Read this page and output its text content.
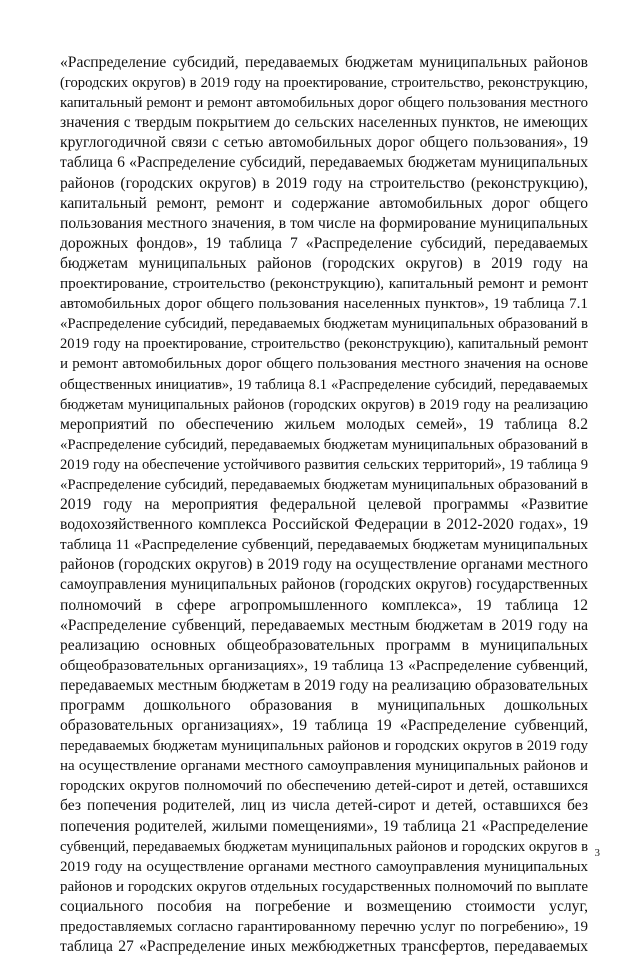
«Распределение субсидий, передаваемых бюджетам муниципальных районов
(городских округов) в 2019 году на проектирование, строительство, реконструкцию,
капитальный ремонт и ремонт автомобильных дорог общего пользования местного
значения с твердым покрытием до сельских населенных пунктов, не имеющих
круглогодичной связи с сетью автомобильных дорог общего пользования», 19
таблица 6 «Распределение субсидий, передаваемых бюджетам муниципальных
районов (городских округов) в 2019 году на строительство (реконструкцию),
капитальный ремонт, ремонт и содержание автомобильных дорог общего
пользования местного значения, в том числе на формирование муниципальных
дорожных фондов», 19 таблица 7 «Распределение субсидий, передаваемых
бюджетам муниципальных районов (городских округов) в 2019 году на
проектирование, строительство (реконструкцию), капитальный ремонт и ремонт
автомобильных дорог общего пользования населенных пунктов», 19 таблица 7.1
«Распределение субсидий, передаваемых бюджетам муниципальных образований в
2019 году на проектирование, строительство (реконструкцию), капитальный ремонт
и ремонт автомобильных дорог общего пользования местного значения на основе
общественных инициатив», 19 таблица 8.1 «Распределение субсидий, передаваемых
бюджетам муниципальных районов (городских округов) в 2019 году на реализацию
мероприятий по обеспечению жильем молодых семей», 19 таблица 8.2
«Распределение субсидий, передаваемых бюджетам муниципальных образований в
2019 году на обеспечение устойчивого развития сельских территорий», 19 таблица 9
«Распределение субсидий, передаваемых бюджетам муниципальных образований в
2019 году на мероприятия федеральной целевой программы «Развитие
водохозяйственного комплекса Российской Федерации в 2012-2020 годах», 19
таблица 11 «Распределение субвенций, передаваемых бюджетам муниципальных
районов (городских округов) в 2019 году на осуществление органами местного
самоуправления муниципальных районов (городских округов) государственных
полномочий в сфере агропромышленного комплекса», 19 таблица 12
«Распределение субвенций, передаваемых местным бюджетам в 2019 году на
реализацию основных общеобразовательных программ в муниципальных
общеобразовательных организациях», 19 таблица 13 «Распределение субвенций,
передаваемых местным бюджетам в 2019 году на реализацию образовательных
программ дошкольного образования в муниципальных дошкольных
образовательных организациях», 19 таблица 19 «Распределение субвенций,
передаваемых бюджетам муниципальных районов и городских округов в 2019 году
на осуществление органами местного самоуправления муниципальных районов и
городских округов полномочий по обеспечению детей-сирот и детей, оставшихся
без попечения родителей, лиц из числа детей-сирот и детей, оставшихся без
попечения родителей, жилыми помещениями», 19 таблица 21 «Распределение
субвенций, передаваемых бюджетам муниципальных районов и городских округов в
2019 году на осуществление органами местного самоуправления муниципальных
районов и городских округов отдельных государственных полномочий по выплате
социального пособия на погребение и возмещению стоимости услуг,
предоставляемых согласно гарантированному перечню услуг по погребению», 19
таблица 27 «Распределение иных межбюджетных трансфертов, передаваемых
3
